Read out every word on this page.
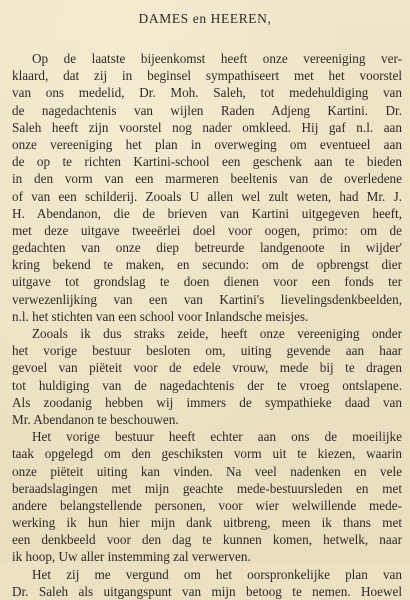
DAMES en HEEREN,
Op de laatste bijeenkomst heeft onze vereeniging ver-
klaard, dat zij in beginsel sympathiseert met het voorstel
van ons medelid, Dr. Moh. Saleh, tot medehuldiging van
de nagedachtenis van wijlen Raden Adjeng Kartini. Dr.
Saleh heeft zijn voorstel nog nader omkleed. Hij gaf n.l. aan
onze vereeniging het plan in overweging om eventueel aan
de op te richten Kartini-school een geschenk aan te bieden
in den vorm van een marmeren beeltenis van de overledene
of van een schilderij. Zooals U allen wel zult weten, had Mr. J.
H. Abendanon, die de brieven van Kartini uitgegeven heeft,
met deze uitgave tweeërlei doel voor oogen, primo: om de
gedachten van onze diep betreurde landgenoote in wijder'
kring bekend te maken, en secundo: om de opbrengst dier
uitgave tot grondslag te doen dienen voor een fonds ter
verwezenlijking van een van Kartini's lievelingsdenkbeelden,
n.l. het stichten van een school voor Inlandsche meisjes.
Zooals ik dus straks zeide, heeft onze vereeniging onder
het vorige bestuur besloten om, uiting gevende aan haar
gevoel van piëteit voor de edele vrouw, mede bij te dragen
tot huldiging van de nagedachtenis der te vroeg ontslapene.
Als zoodanig hebben wij immers de sympathieke daad van
Mr. Abendanon te beschouwen.
Het vorige bestuur heeft echter aan ons de moeilijke
taak opgelegd om den geschiksten vorm uit te kiezen, waarin
onze piëteit uiting kan vinden. Na veel nadenken en vele
beraadslagingen met mijn geachte mede-bestuursleden en met
andere belangstellende personen, voor wier welwillende mede-
werking ik hun hier mijn dank uitbreng, meen ik thans met
een denkbeeld voor den dag te kunnen komen, hetwelk, naar
ik hoop, Uw aller instemming zal verwerven.
Het zij me vergund om het oorspronkelijke plan van
Dr. Saleh als uitgangspunt van mijn betoog te nemen. Hoewel
